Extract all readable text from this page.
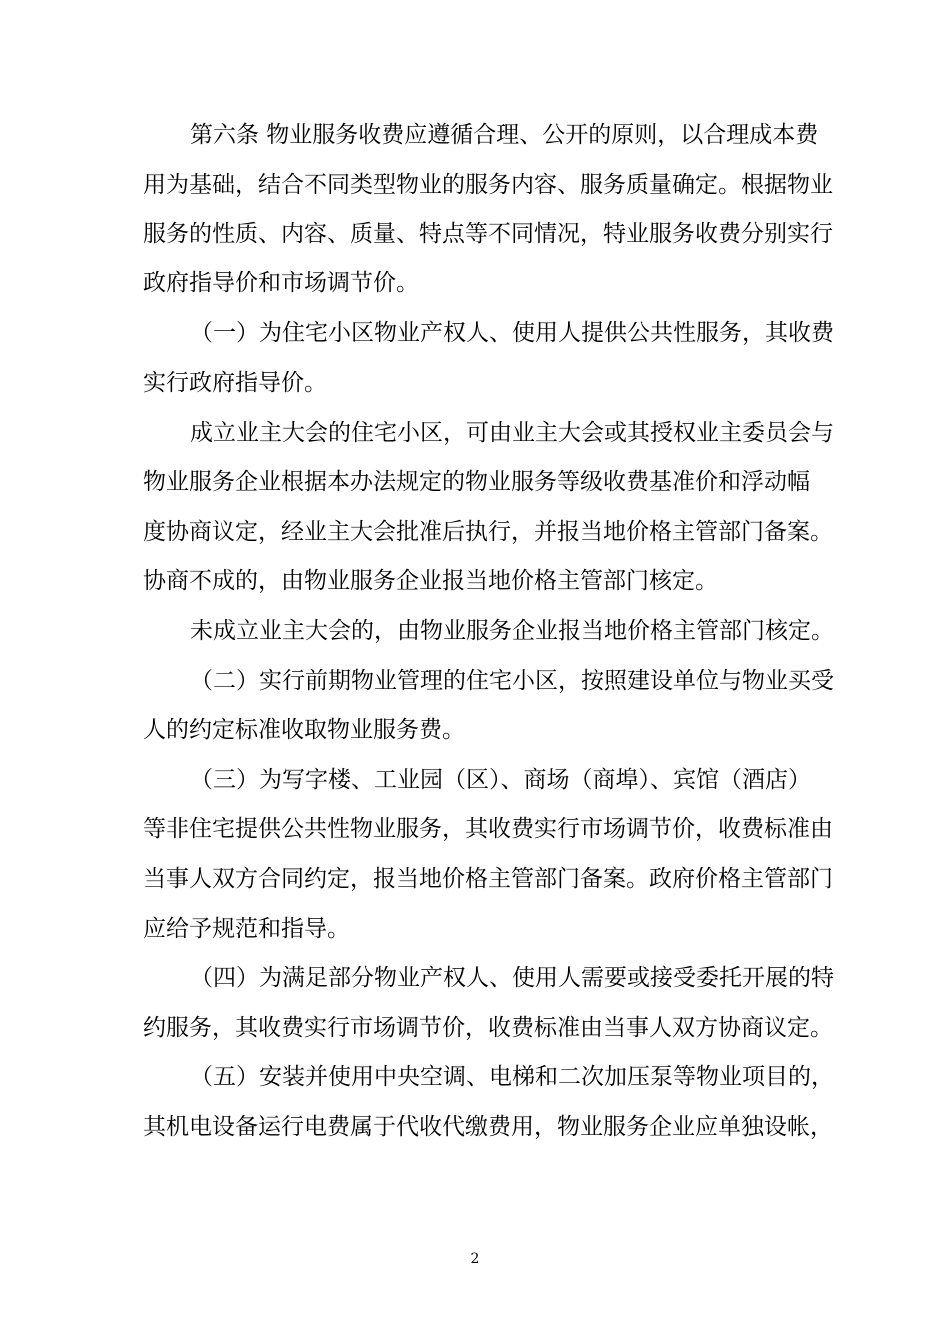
第六条 物业服务收费应遵循合理、公开的原则，以合理成本费
用为基础，结合不同类型物业的服务内容、服务质量确定。根据物业
服务的性质、内容、质量、特点等不同情况，特业服务收费分别实行
政府指导价和市场调节价。
（一）为住宅小区物业产权人、使用人提供公共性服务，其收费
实行政府指导价。
成立业主大会的住宅小区，可由业主大会或其授权业主委员会与
物业服务企业根据本办法规定的物业服务等级收费基准价和浮动幅
度协商议定，经业主大会批准后执行，并报当地价格主管部门备案。
协商不成的，由物业服务企业报当地价格主管部门核定。
未成立业主大会的，由物业服务企业报当地价格主管部门核定。
（二）实行前期物业管理的住宅小区，按照建设单位与物业买受
人的约定标准收取物业服务费。
（三）为写字楼、工业园（区）、商场（商埠）、宾馆（酒店）
等非住宅提供公共性物业服务，其收费实行市场调节价，收费标准由
当事人双方合同约定，报当地价格主管部门备案。政府价格主管部门
应给予规范和指导。
（四）为满足部分物业产权人、使用人需要或接受委托开展的特
约服务，其收费实行市场调节价，收费标准由当事人双方协商议定。
（五）安装并使用中央空调、电梯和二次加压泵等物业项目的，
其机电设备运行电费属于代收代缴费用，物业服务企业应单独设帐，
2
